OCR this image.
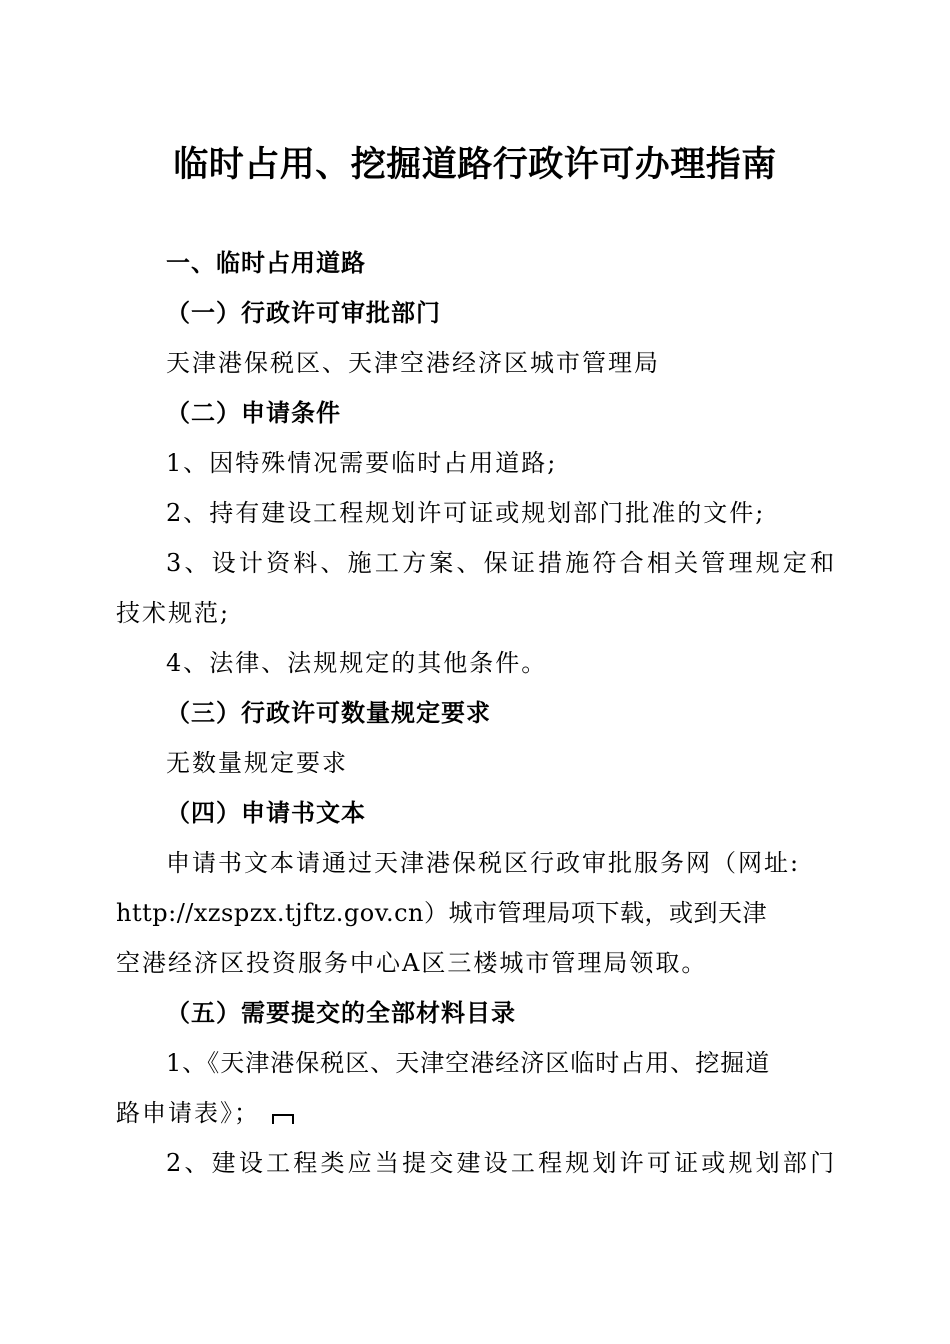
临时占用、挖掘道路行政许可办理指南
一、临时占用道路
（一）行政许可审批部门
天津港保税区、天津空港经济区城市管理局
（二）申请条件
1、因特殊情况需要临时占用道路;
2、持有建设工程规划许可证或规划部门批准的文件;
3、设计资料、施工方案、保证措施符合相关管理规定和
技术规范;
4、法律、法规规定的其他条件。
（三）行政许可数量规定要求
无数量规定要求
（四）申请书文本
申请书文本请通过天津港保税区行政审批服务网（网址:
http://xzspzx.tjftz.gov.cn）城市管理局项下载，或到天津
空港经济区投资服务中心A区三楼城市管理局领取。
（五）需要提交的全部材料目录
1、《天津港保税区、天津空港经济区临时占用、挖掘道
路申请表》；
2、建设工程类应当提交建设工程规划许可证或规划部门
